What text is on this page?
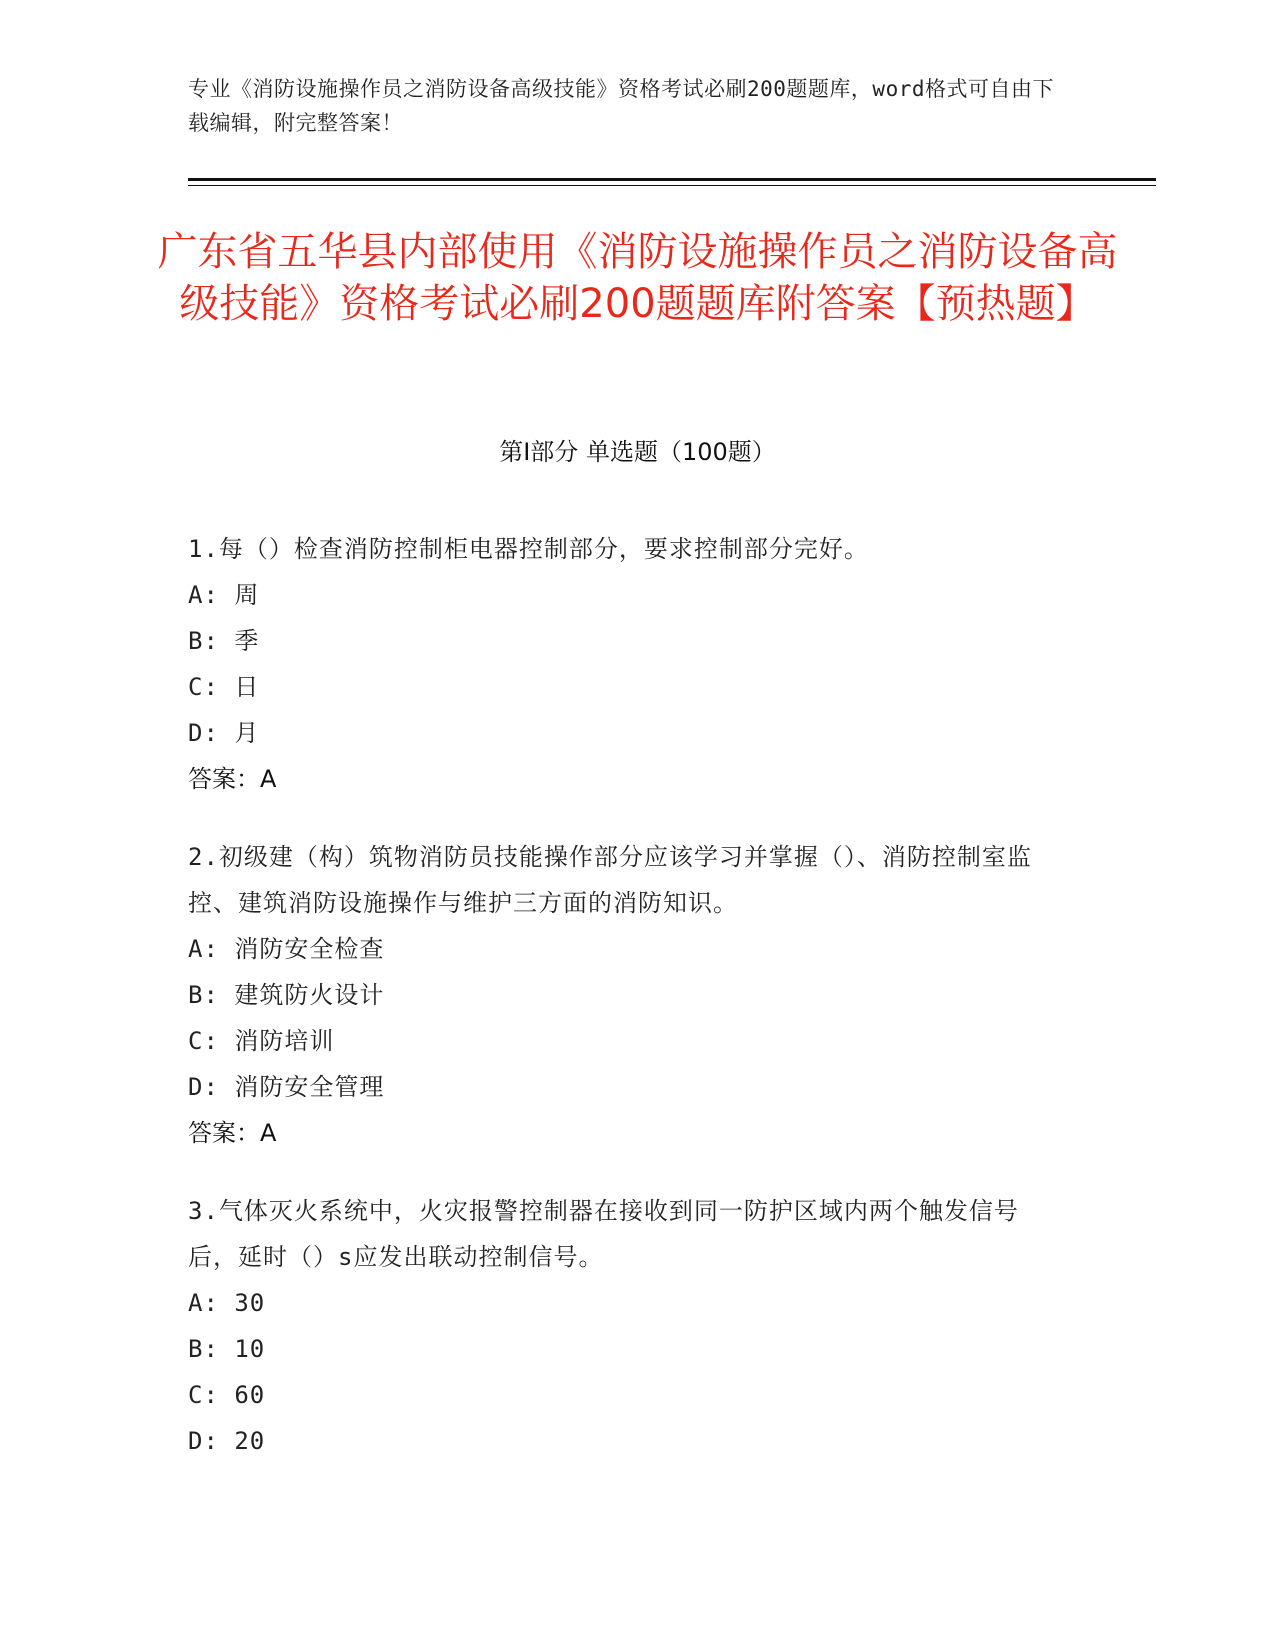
专业《消防设施操作员之消防设备高级技能》资格考试必刷200题题库，word格式可自由下载编辑，附完整答案！
广东省五华县内部使用《消防设施操作员之消防设备高级技能》资格考试必刷200题题库附答案【预热题】
第Ⅰ部分 单选题（100题）
1.每（）检查消防控制柜电器控制部分，要求控制部分完好。
A: 周
B: 季
C: 日
D: 月
答案：A
2.初级建（构）筑物消防员技能操作部分应该学习并掌握（）、消防控制室监控、建筑消防设施操作与维护三方面的消防知识。
A: 消防安全检查
B: 建筑防火设计
C: 消防培训
D: 消防安全管理
答案：A
3.气体灭火系统中，火灾报警控制器在接收到同一防护区域内两个触发信号后，延时（）s应发出联动控制信号。
A: 30
B: 10
C: 60
D: 20
